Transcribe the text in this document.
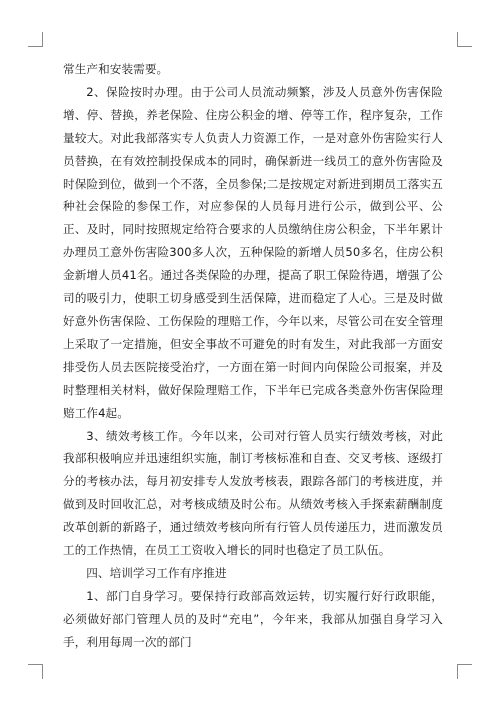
常生产和安装需要。

2、保险按时办理。由于公司人员流动频繁，涉及人员意外伤害保险增、停、替换，养老保险、住房公积金的增、停等工作，程序复杂，工作量较大。对此我部落实专人负责人力资源工作，一是对意外伤害险实行人员替换，在有效控制投保成本的同时，确保新进一线员工的意外伤害险及时保险到位，做到一个不落，全员参保;二是按规定对新进到期员工落实五种社会保险的参保工作，对应参保的人员每月进行公示，做到公平、公正、及时，同时按照规定给符合要求的人员缴纳住房公积金，下半年累计办理员工意外伤害险300多人次，五种保险的新增人员50多名，住房公积金新增人员41名。通过各类保险的办理，提高了职工保险待遇，增强了公司的吸引力，使职工切身感受到生活保障，进而稳定了人心。三是及时做好意外伤害保险、工伤保险的理赔工作，今年以来，尽管公司在安全管理上采取了一定措施，但安全事故不可避免的时有发生，对此我部一方面安排受伤人员去医院接受治疗，一方面在第一时间内向保险公司报案，并及时整理相关材料，做好保险理赔工作，下半年已完成各类意外伤害保险理赔工作4起。

3、绩效考核工作。今年以来，公司对行管人员实行绩效考核，对此我部积极响应并迅速组织实施，制订考核标准和自查、交叉考核、逐级打分的考核办法，每月初安排专人发放考核表，跟踪各部门的考核进度，并做到及时回收汇总，对考核成绩及时公布。从绩效考核入手探索薪酬制度改革创新的新路子，通过绩效考核向所有行管人员传递压力，进而激发员工的工作热情，在员工工资收入增长的同时也稳定了员工队伍。

四、培训学习工作有序推进

1、部门自身学习。要保持行政部高效运转，切实履行好行政职能，必须做好部门管理人员的及时“充电”，今年来，我部从加强自身学习入手，利用每周一次的部门
